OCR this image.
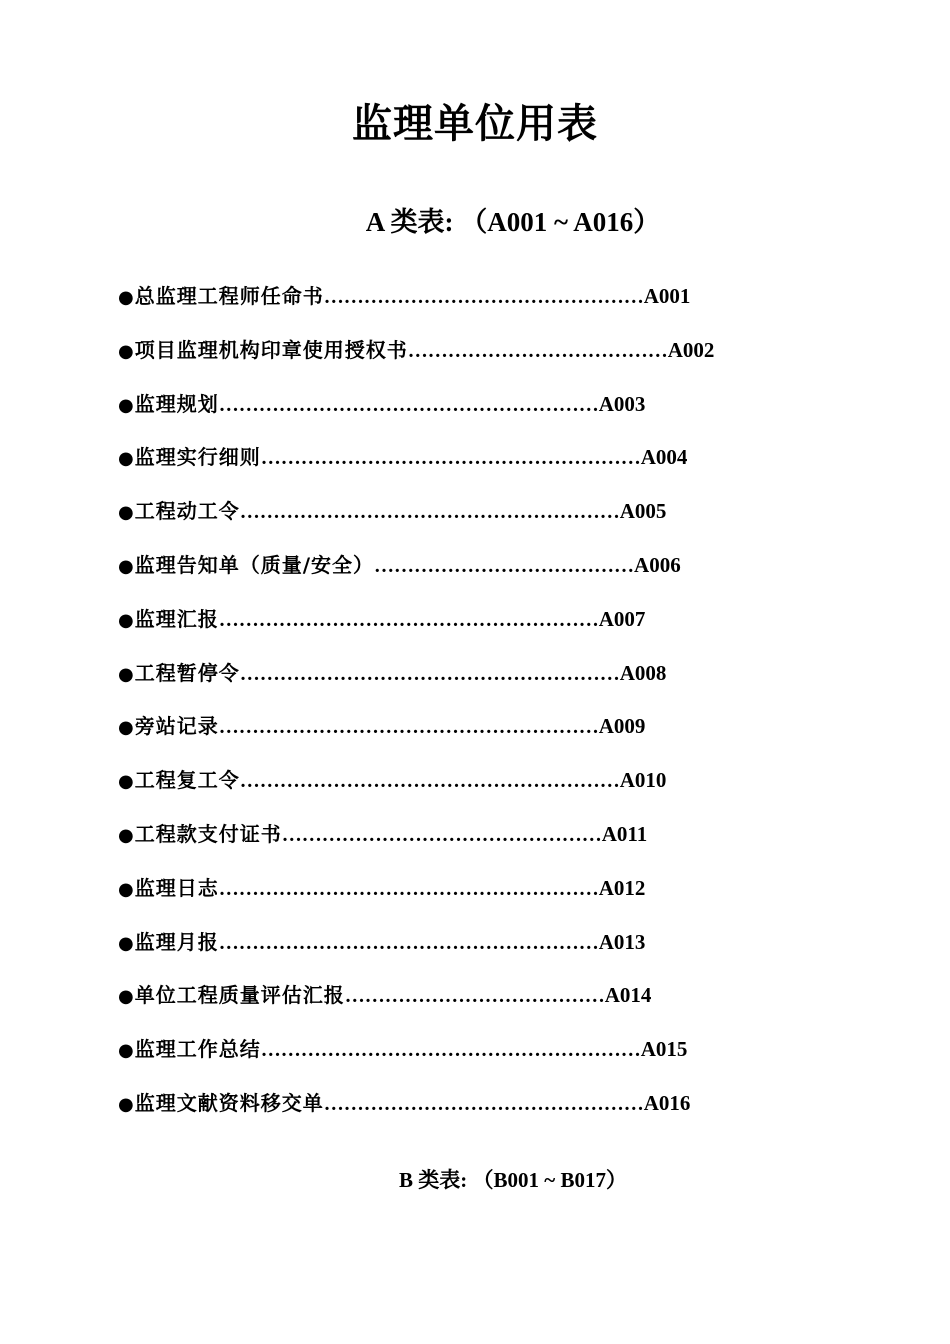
监理单位用表
A 类表: （A001 ~ A016）
● 总监理工程师任命书 ………………………………………… A001
● 项目监理机构印章使用授权书 ………………………………… A002
● 监理规划 ………………………………………………… A003
● 监理实行细则 ………………………………………………… A004
● 工程动工令 ………………………………………………… A005
● 监理告知单（质量/安全） ………………………………… A006
● 监理汇报 ………………………………………………… A007
● 工程暂停令 ………………………………………………… A008
● 旁站记录 ………………………………………………… A009
● 工程复工令 ………………………………………………… A010
● 工程款支付证书 ………………………………………… A011
● 监理日志 ………………………………………………… A012
● 监理月报 ………………………………………………… A013
● 单位工程质量评估汇报 ………………………………… A014
● 监理工作总结 ………………………………………………… A015
● 监理文献资料移交单 ………………………………………… A016
B 类表: （B001 ~ B017）
